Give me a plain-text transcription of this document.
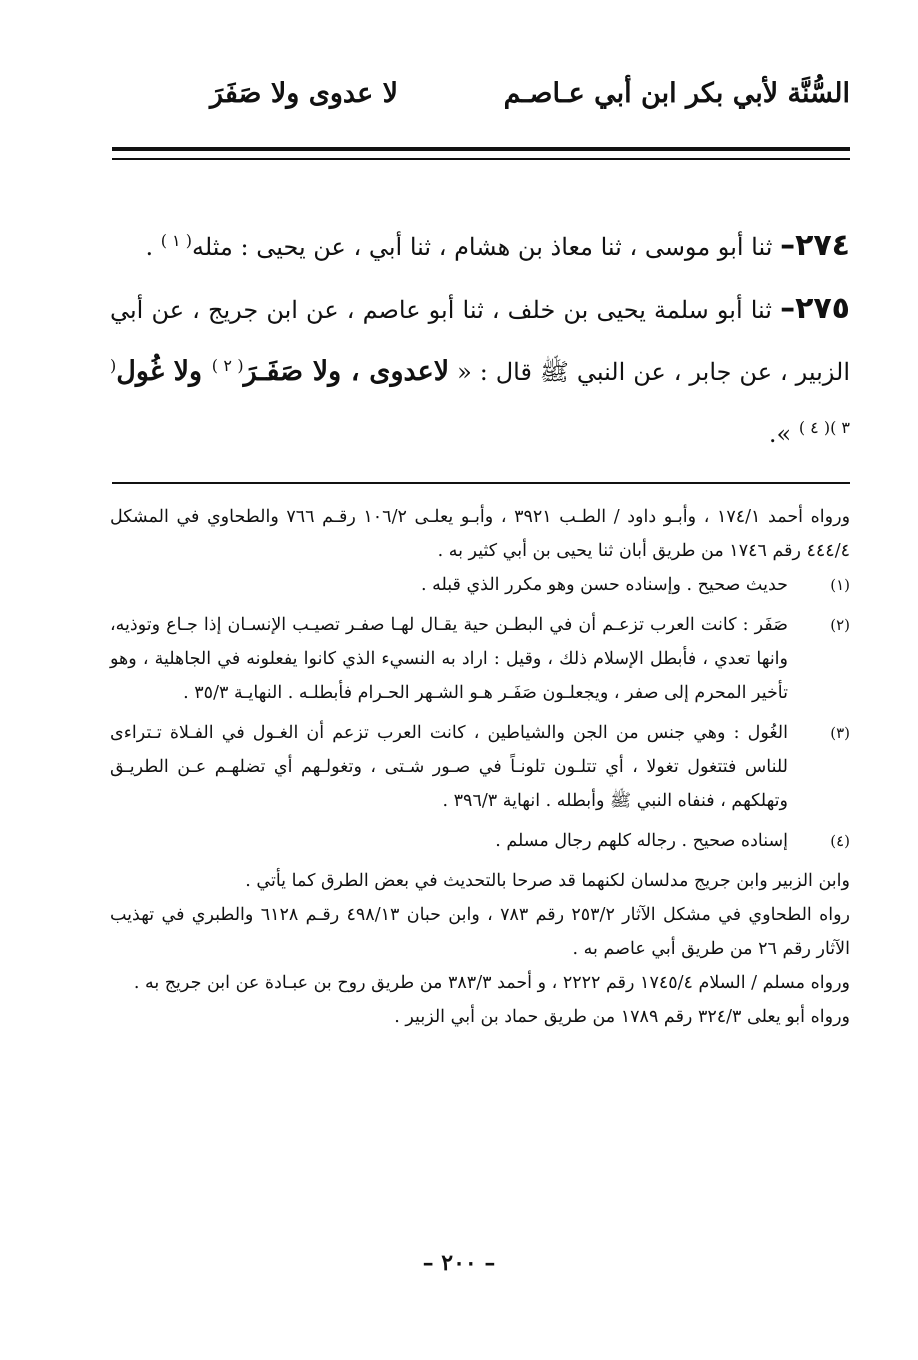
السُّنَّة لأبي بكر ابن أبي عـاصـم
لا عدوى ولا صَفَرَ

٢٧٤– ثنا أبو موسى ، ثنا معاذ بن هشام ، ثنا أبي ، عن يحيى : مثله$^{( ١ )}$ .

٢٧٥– ثنا أبو سلمة يحيى بن خلف ، ثنا أبو عاصم ، عن ابن جريج ، عن أبي الزبير ، عن جابر ، عن النبي ﷺ قال : « لاعدوى ، ولا صَفَـرَ$^{( ٢ )}$ ولا غُول$^{( ٣ )( ٤ )}$ ».

ورواه أحمد ١٧٤/١ ، وأبـو داود / الطـب ٣٩٢١ ، وأبـو يعلـى ١٠٦/٢ رقـم ٧٦٦ والطحاوي في المشكل ٤٤٤/٤ رقم ١٧٤٦ من طريق أبان ثنا يحيى بن أبي كثير به .

(١)

حديث صحيح . وإسناده حسن وهو مكرر الذي قبله .

(٢)

صَفَر : كانت العرب تزعـم أن في البطـن حية يقـال لهـا صفـر تصيـب الإنسـان إذا جـاع وتوذيه، وانها تعدي ، فأبطل الإسلام ذلك ، وقيل : اراد به النسيء الذي كانوا يفعلونه في الجاهلية ، وهو تأخير المحرم إلى صفر ، ويجعلـون صَفَـر هـو الشـهر الحـرام فأبطلـه . النهايـة ٣٥/٣ .

(٣)

الغُول : وهي جنس من الجن والشياطين ، كانت العرب تزعم أن الغـول في الفـلاة تـتراءى للناس فتتغول تغولا ، أي تتلـون تلونـاً في صـور شـتى ، وتغولـهم أي تضلهـم عـن الطريـق وتهلكهم ، فنفاه النبي ﷺ وأبطله . انهاية ٣٩٦/٣ .

(٤)

إسناده صحيح . رجاله كلهم رجال مسلم .

وابن الزبير وابن جريج مدلسان لكنهما قد صرحا بالتحديث في بعض الطرق كما يأتي .

رواه الطحاوي في مشكل الآثار ٢٥٣/٢ رقم ٧٨٣ ، وابن حبان ٤٩٨/١٣ رقـم ٦١٢٨ والطبري في تهذيب الآثار رقم ٢٦ من طريق أبي عاصم به .

ورواه مسلم / السلام ١٧٤٥/٤ رقم ٢٢٢٢ ، و أحمد ٣٨٣/٣ من طريق روح بن عبـادة عن ابن جريج به .

ورواه أبو يعلى ٣٢٤/٣ رقم ١٧٨٩ من طريق حماد بن أبي الزبير .

– ٢٠٠ –
